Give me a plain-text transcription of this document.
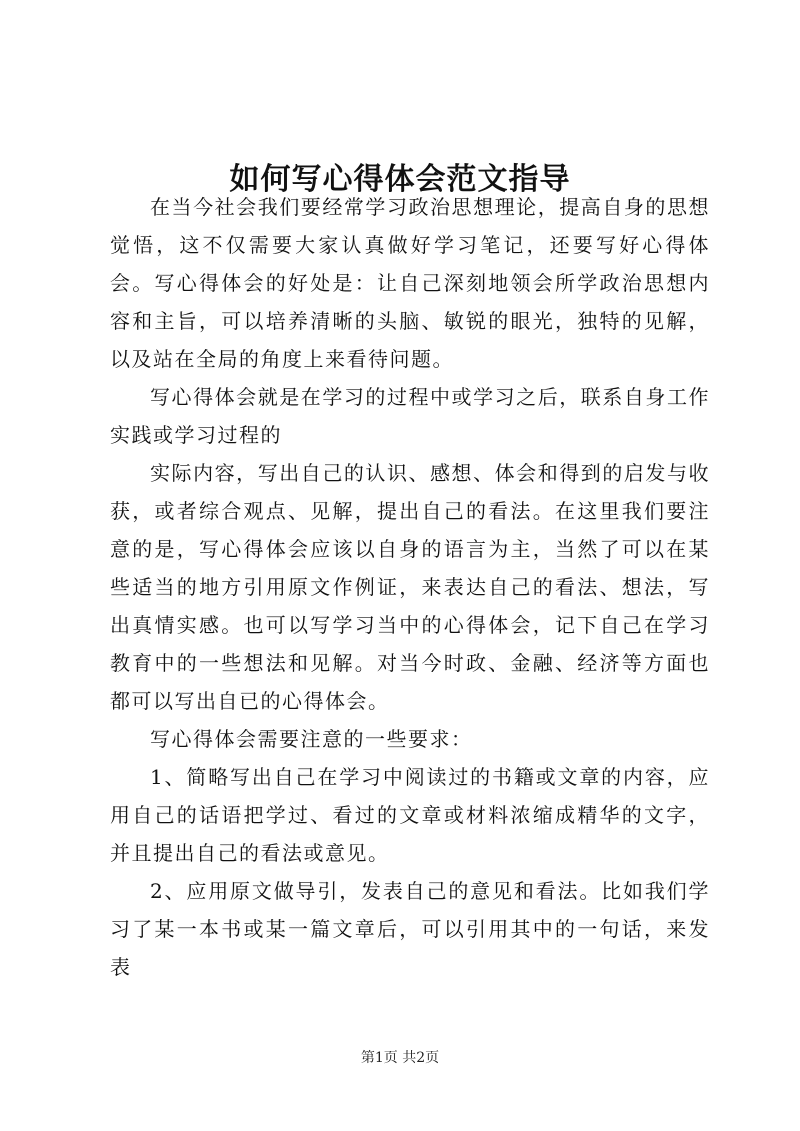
如何写心得体会范文指导

在当今社会我们要经常学习政治思想理论，提高自身的思想觉悟，这不仅需要大家认真做好学习笔记，还要写好心得体会。写心得体会的好处是：让自己深刻地领会所学政治思想内容和主旨，可以培养清晰的头脑、敏锐的眼光，独特的见解，以及站在全局的角度上来看待问题。

写心得体会就是在学习的过程中或学习之后，联系自身工作实践或学习过程的

实际内容，写出自己的认识、感想、体会和得到的启发与收获，或者综合观点、见解，提出自己的看法。在这里我们要注意的是，写心得体会应该以自身的语言为主，当然了可以在某些适当的地方引用原文作例证，来表达自己的看法、想法，写出真情实感。也可以写学习当中的心得体会，记下自己在学习教育中的一些想法和见解。对当今时政、金融、经济等方面也都可以写出自已的心得体会。

写心得体会需要注意的一些要求：

1、简略写出自己在学习中阅读过的书籍或文章的内容，应用自己的话语把学过、看过的文章或材料浓缩成精华的文字，并且提出自己的看法或意见。

2、应用原文做导引，发表自己的意见和看法。比如我们学习了某一本书或某一篇文章后，可以引用其中的一句话，来发表

第1页 共2页
